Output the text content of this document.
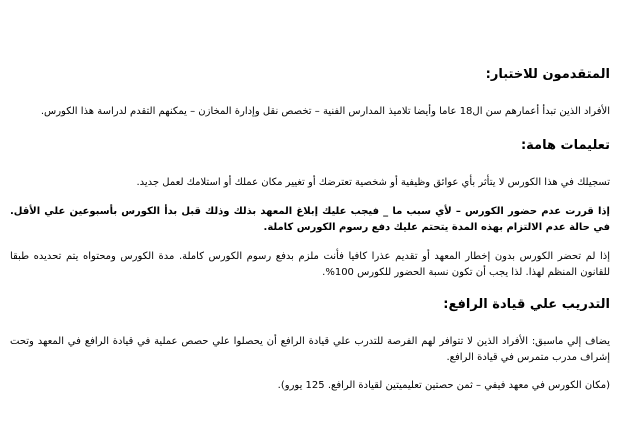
المتقدمون للاختبار:
الأفراد الذين تبدأ أعمارهم سن ال18 عاما وأيضا تلاميذ المدارس الفنية – تخصص نقل وإدارة المخازن – يمكنهم التقدم لدراسة هذا الكورس.
تعليمات هامة:
تسجيلك في هذا الكورس لا يتأثر بأي عوائق وظيفية أو شخصية تعترضك أو تغيير مكان عملك أو استلامك لعمل جديد.
إذا قررت عدم حضور الكورس – لأي سبب ما _ فيجب عليك إبلاغ المعهد بذلك وذلك قبل بدأ الكورس بأسبوعين علي الأقل. في حالة عدم الالتزام بهذه المدة يتحتم عليك دفع رسوم الكورس كاملة.
إذا لم تحضر الكورس بدون إخطار المعهد أو تقديم عذرا كافيا فأنت ملزم بدفع رسوم الكورس كاملة. مدة الكورس ومحتواه يتم تحديده طبقا للقانون المنظم لهذا. لذا يجب أن تكون نسبة الحضور للكورس 100%.
التدريب علي قيادة الرافع:
يضاف إلي ماسبق: الأفراد الذين لا تتوافر لهم الفرصة للتدرب علي قيادة الرافع أن يحصلوا علي حصص عملية في قيادة الرافع في المعهد وتحت إشراف مدرب متمرس في قيادة الرافع.
(مكان الكورس في معهد فيفي – ثمن حصتين تعليميتين لقيادة الرافع. 125 يورو).
